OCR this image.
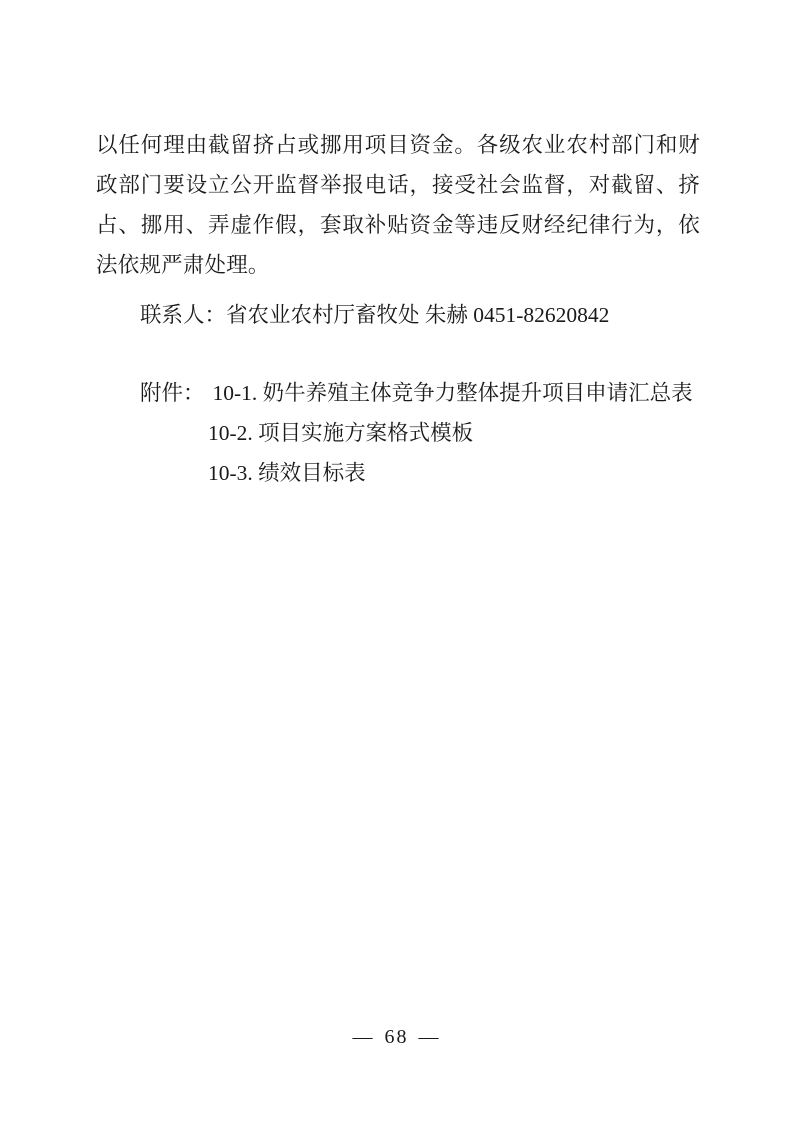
以任何理由截留挤占或挪用项目资金。各级农业农村部门和财政部门要设立公开监督举报电话，接受社会监督，对截留、挤占、挪用、弄虚作假，套取补贴资金等违反财经纪律行为，依法依规严肃处理。

联系人：省农业农村厅畜牧处 朱赫 0451-82620842

附件： 10-1. 奶牛养殖主体竞争力整体提升项目申请汇总表

10-2. 项目实施方案格式模板

10-3. 绩效目标表

— 68 —
